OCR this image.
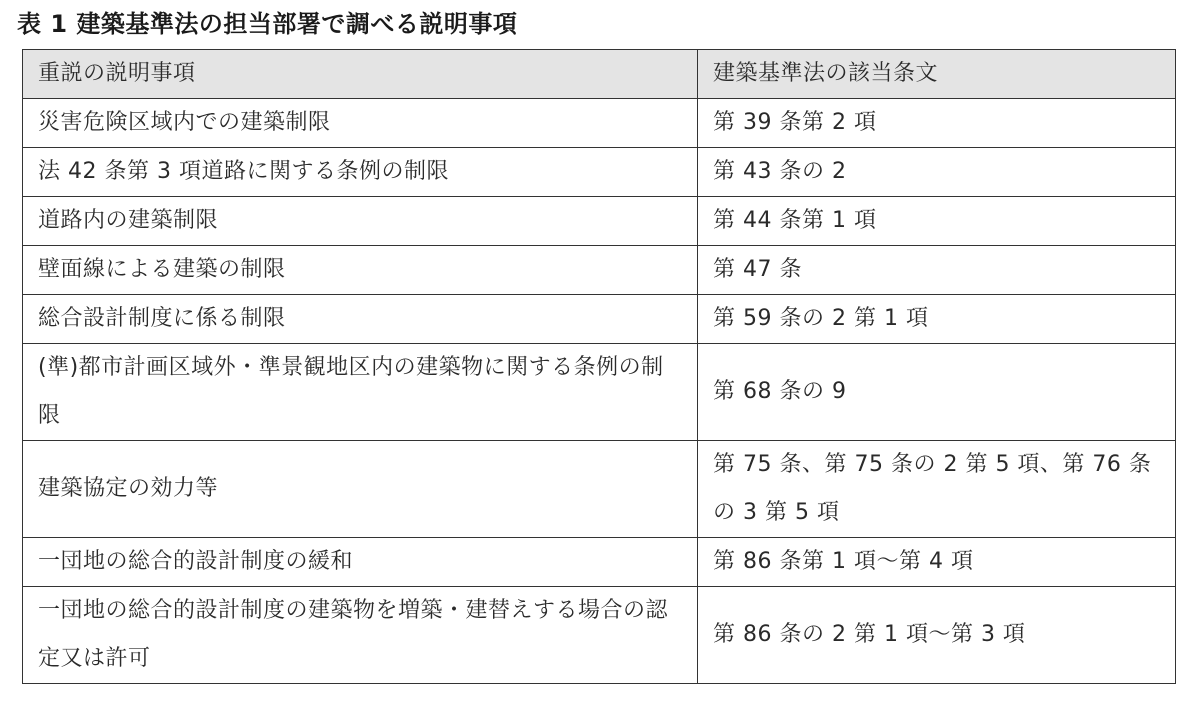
表 1 建築基準法の担当部署で調べる説明事項
重説の説明事項	建築基準法の該当条文
災害危険区域内での建築制限	第 39 条第 2 項
法 42 条第 3 項道路に関する条例の制限	第 43 条の 2
道路内の建築制限	第 44 条第 1 項
壁面線による建築の制限	第 47 条
総合設計制度に係る制限	第 59 条の 2 第 1 項
(準)都市計画区域外・準景観地区内の建築物に関する条例の制限	第 68 条の 9
建築協定の効力等	第 75 条、第 75 条の 2 第 5 項、第 76 条の 3 第 5 項
一団地の総合的設計制度の緩和	第 86 条第 1 項～第 4 項
一団地の総合的設計制度の建築物を増築・建替えする場合の認定又は許可	第 86 条の 2 第 1 項～第 3 項
